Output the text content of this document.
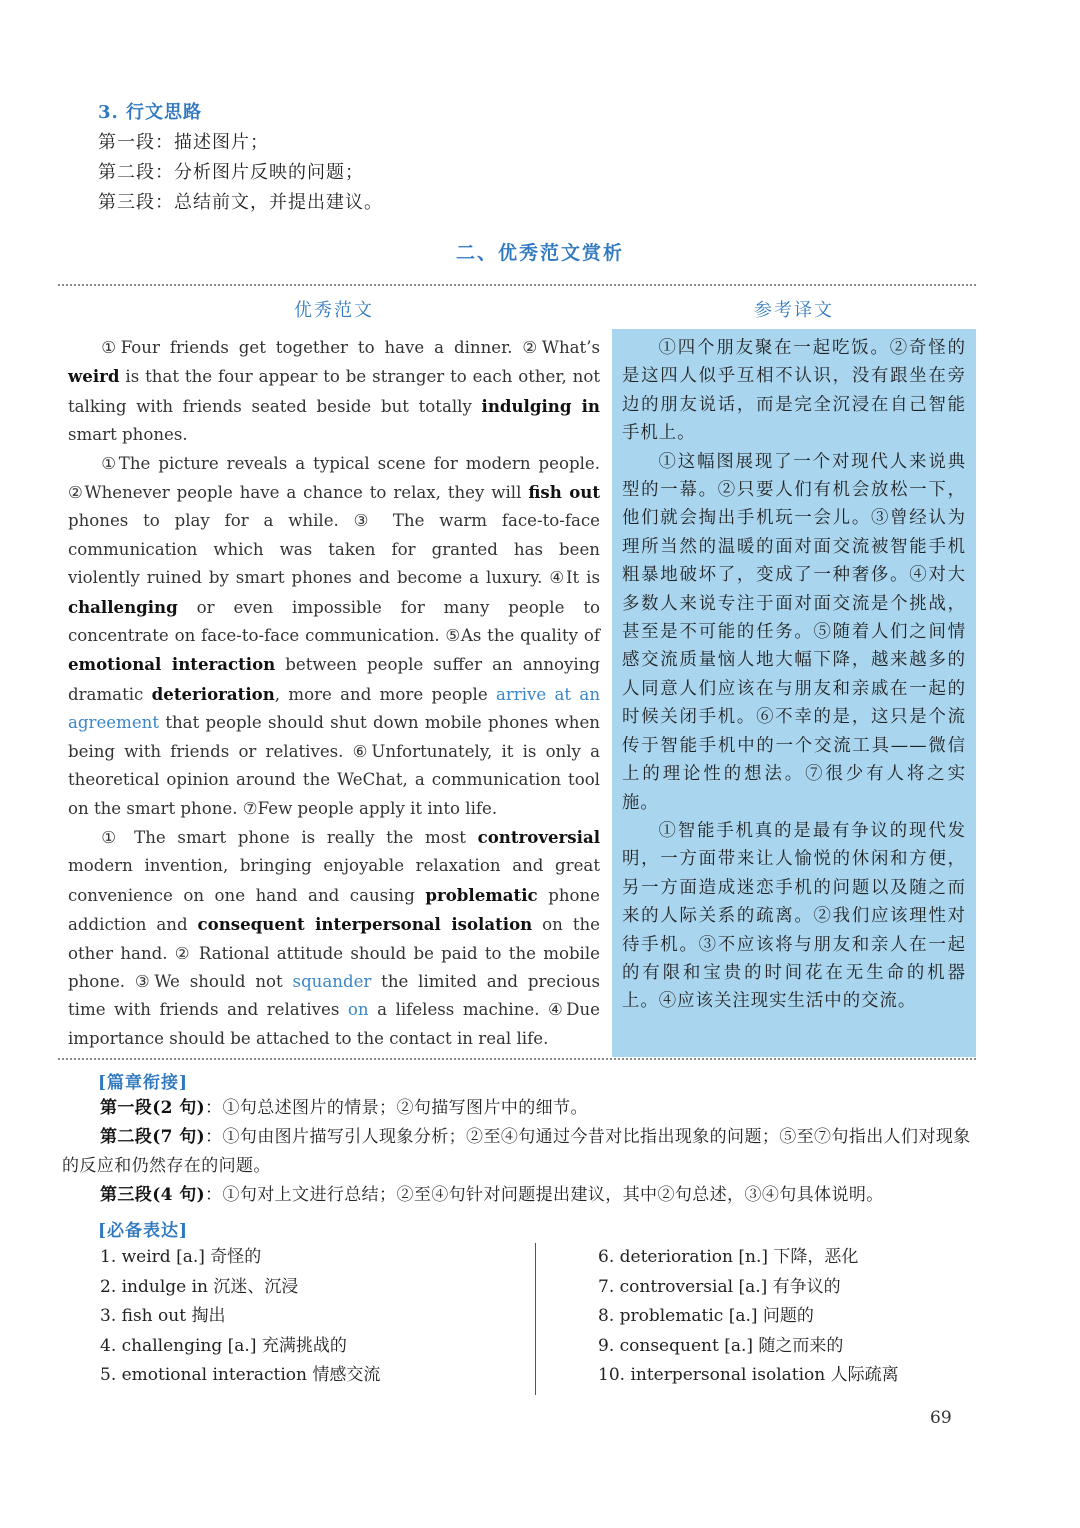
3. 行文思路
第一段：描述图片；
第二段：分析图片反映的问题；
第三段：总结前文，并提出建议。
二、优秀范文赏析
优秀范文	参考译文

①Four friends get together to have a dinner. ②What’s weird is that the four appear to be stranger to each other, not talking with friends seated beside but totally indulging in smart phones.

①The picture reveals a typical scene for modern people. ②Whenever people have a chance to relax, they will fish out phones to play for a while. ③ The warm face-to-face communication which was taken for granted has been violently ruined by smart phones and become a luxury. ④It is challenging or even impossible for many people to concentrate on face-to-face communication. ⑤As the quality of emotional interaction between people suffer an annoying dramatic deterioration, more and more people arrive at an agreement that people should shut down mobile phones when being with friends or relatives. ⑥Unfortunately, it is only a theoretical opinion around the WeChat, a communication tool on the smart phone. ⑦Few people apply it into life.

① The smart phone is really the most controversial modern invention, bringing enjoyable relaxation and great convenience on one hand and causing problematic phone addiction and consequent interpersonal isolation on the other hand. ② Rational attitude should be paid to the mobile phone. ③We should not squander the limited and precious time with friends and relatives on a lifeless machine. ④Due importance should be attached to the contact in real life.

①四个朋友聚在一起吃饭。②奇怪的是这四人似乎互相不认识，没有跟坐在旁边的朋友说话，而是完全沉浸在自己智能手机上。

①这幅图展现了一个对现代人来说典型的一幕。②只要人们有机会放松一下，他们就会掏出手机玩一会儿。③曾经认为理所当然的温暖的面对面交流被智能手机粗暴地破坏了，变成了一种奢侈。④对大多数人来说专注于面对面交流是个挑战，甚至是不可能的任务。⑤随着人们之间情感交流质量恼人地大幅下降，越来越多的人同意人们应该在与朋友和亲戚在一起的时候关闭手机。⑥不幸的是，这只是个流传于智能手机中的一个交流工具——微信上的理论性的想法。⑦很少有人将之实施。

①智能手机真的是最有争议的现代发明，一方面带来让人愉悦的休闲和方便，另一方面造成迷恋手机的问题以及随之而来的人际关系的疏离。②我们应该理性对待手机。③不应该将与朋友和亲人在一起的有限和宝贵的时间花在无生命的机器上。④应该关注现实生活中的交流。

[篇章衔接]

第一段(2 句)：①句总述图片的情景；②句描写图片中的细节。

第二段(7 句)：①句由图片描写引人现象分析；②至④句通过今昔对比指出现象的问题；⑤至⑦句指出人们对现象的反应和仍然存在的问题。

第三段(4 句)：①句对上文进行总结；②至④句针对问题提出建议，其中②句总述，③④句具体说明。

[必备表达]
1. weird [a.] 奇怪的
2. indulge in 沉迷、沉浸
3. fish out 掏出
4. challenging [a.] 充满挑战的
5. emotional interaction 情感交流
6. deterioration [n.] 下降，恶化
7. controversial [a.] 有争议的
8. problematic [a.] 问题的
9. consequent [a.] 随之而来的
10. interpersonal isolation 人际疏离
69
